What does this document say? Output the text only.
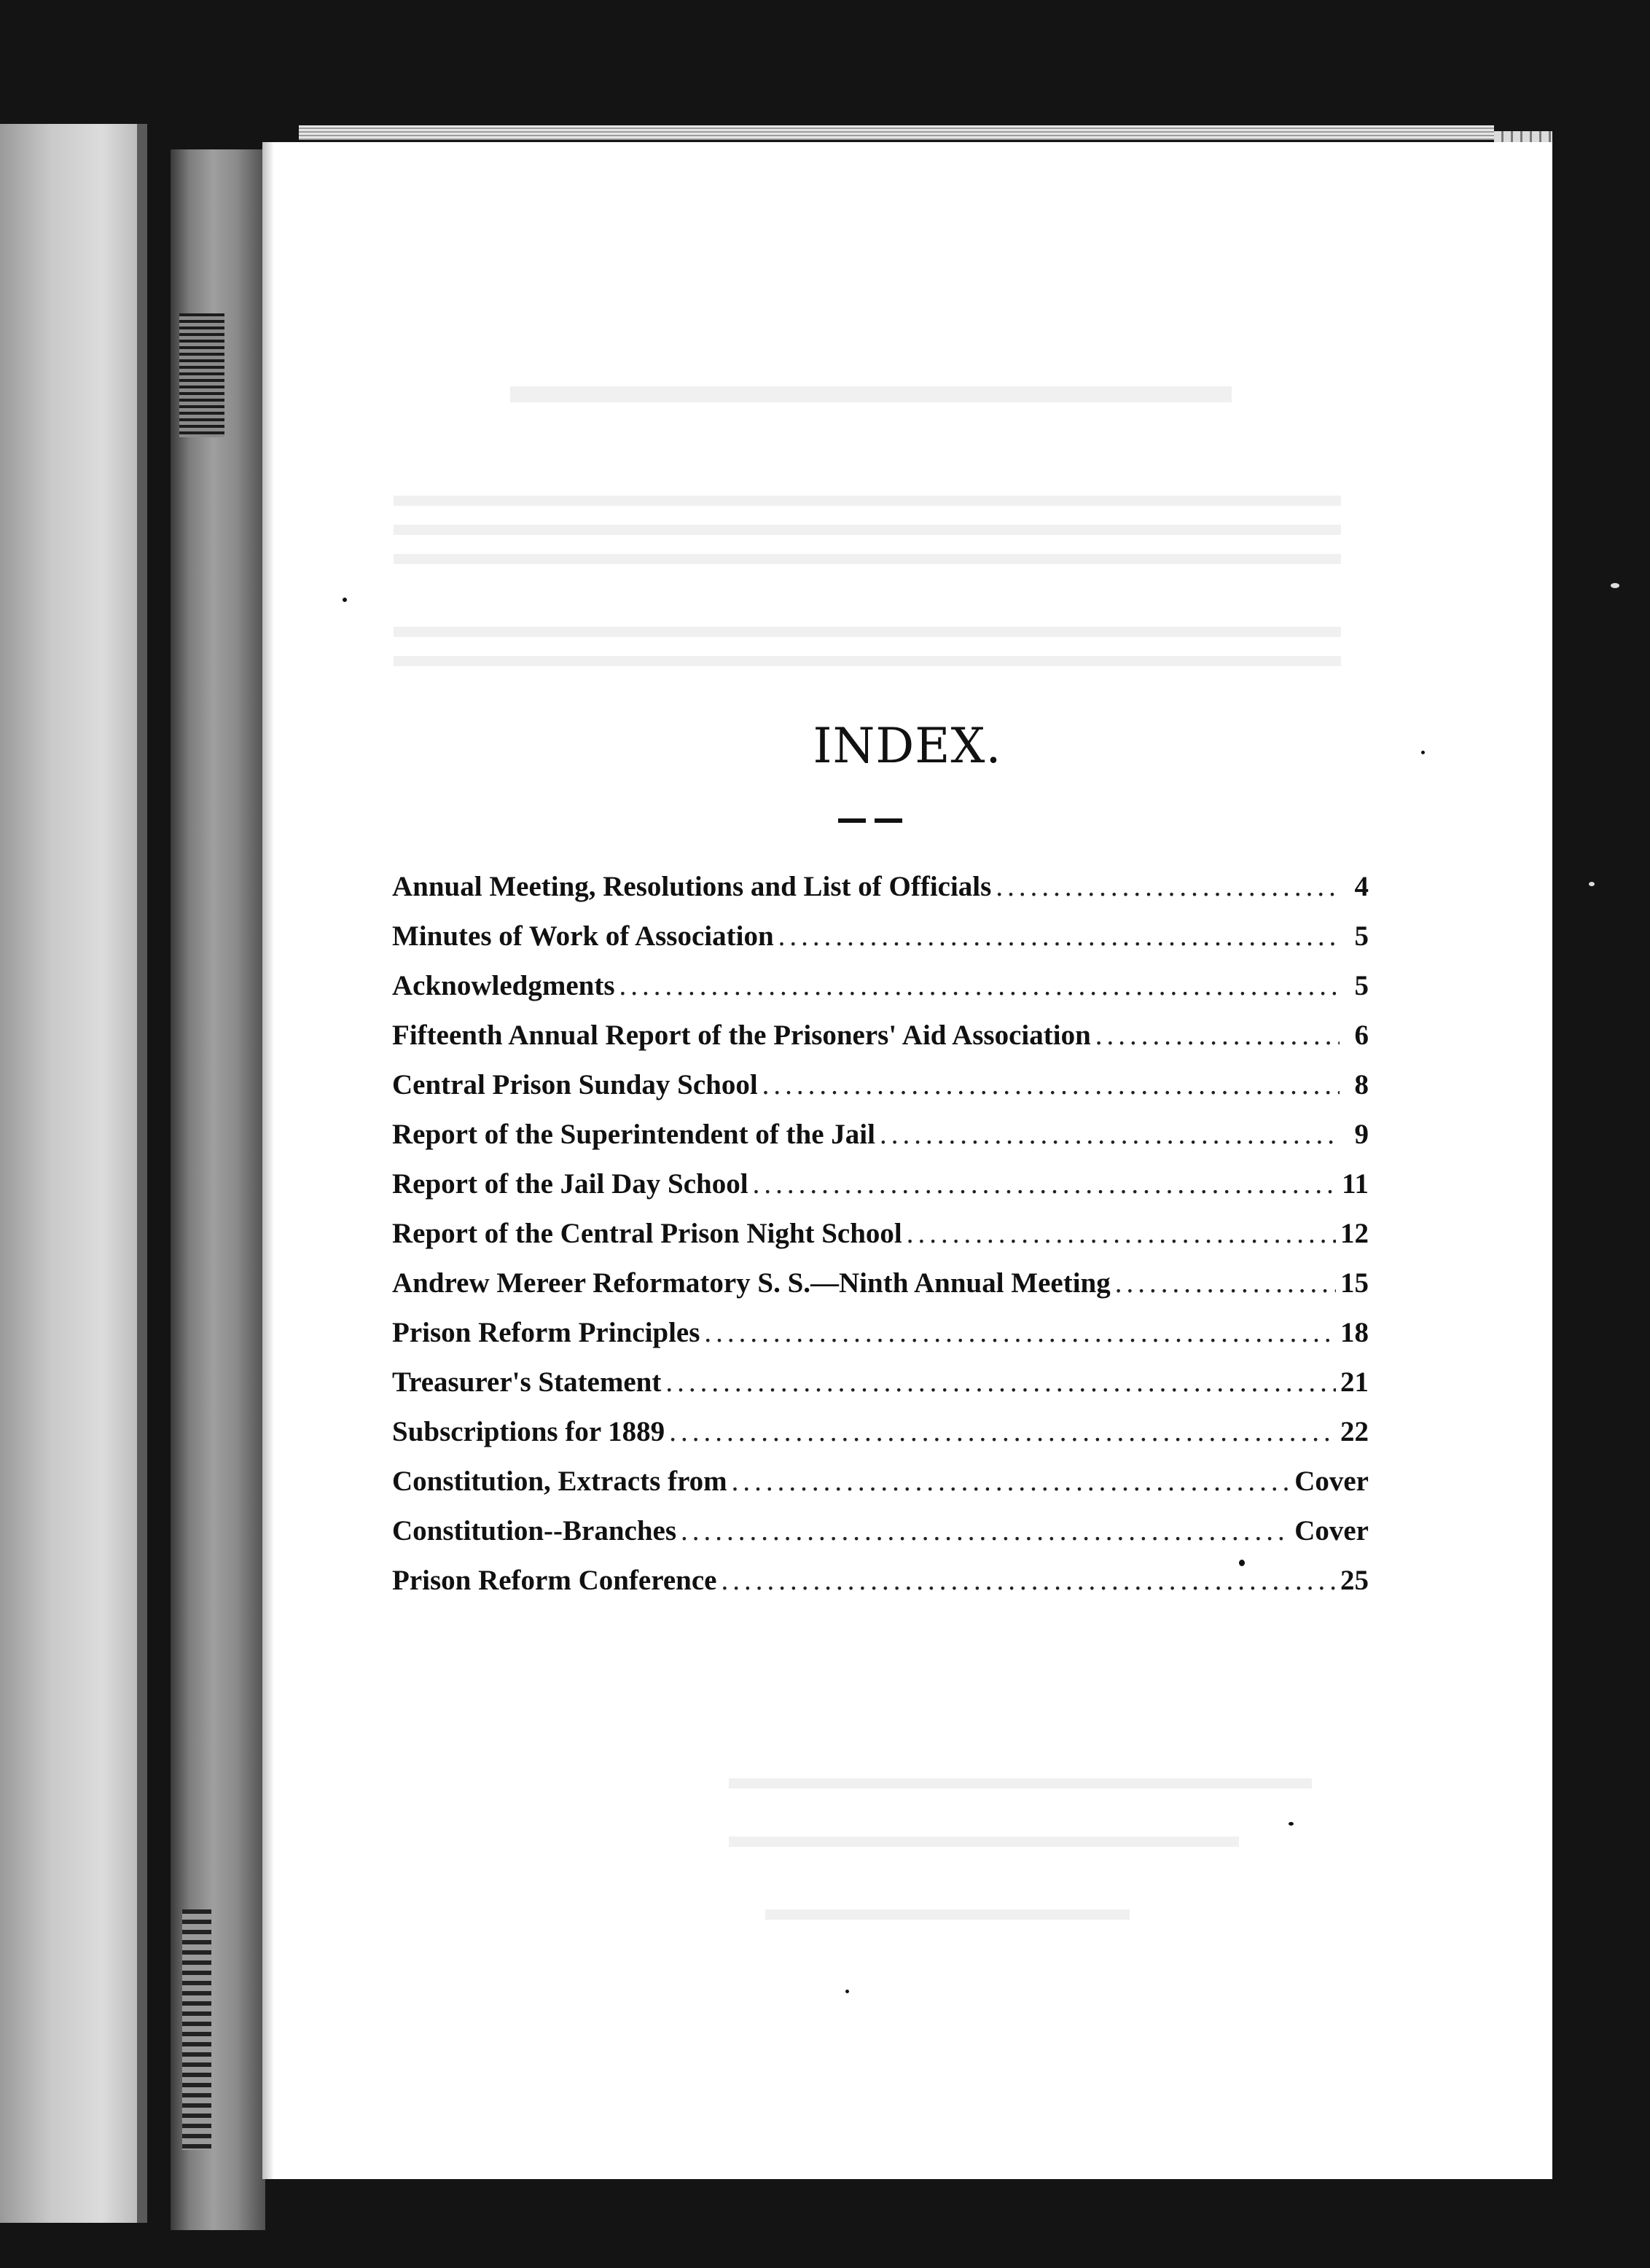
INDEX.
Annual Meeting, Resolutions and List of Officials .....	4
Minutes of Work of Association .....	5
Acknowledgments .....	5
Fifteenth Annual Report of the Prisoners' Aid Association .....	6
Central Prison Sunday School .....	8
Report of the Superintendent of the Jail .....	9
Report of the Jail Day School .....	11
Report of the Central Prison Night School .....	12
Andrew Mereer Reformatory S. S.—Ninth Annual Meeting .....	15
Prison Reform Principles .....	18
Treasurer's Statement .....	21
Subscriptions for 1889 .....	22
Constitution, Extracts from .....	Cover
Constitution--Branches .....	Cover
Prison Reform Conference .....	25
